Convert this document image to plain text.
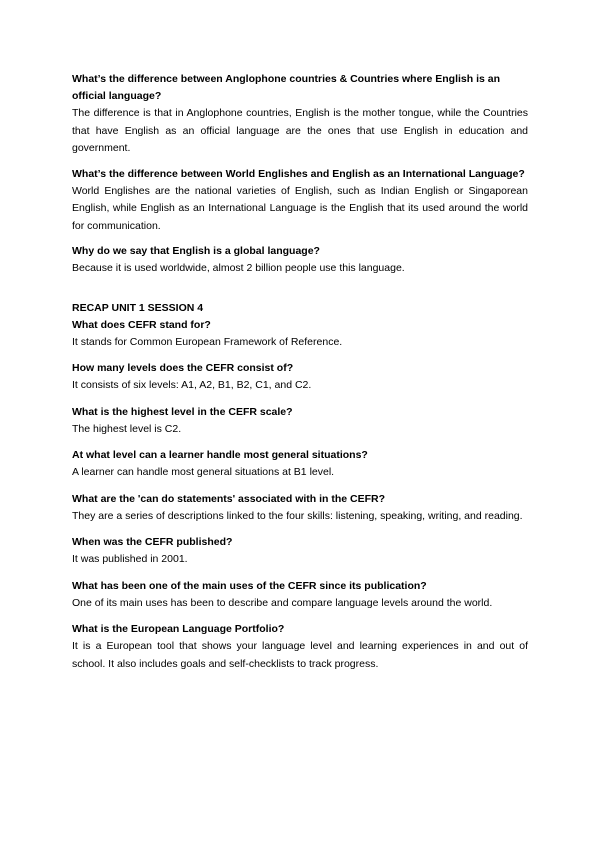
What’s the difference between Anglophone countries & Countries where English is an official language?

The difference is that in Anglophone countries, English is the mother tongue, while the Countries that have English as an official language are the ones that use English in education and government.

What’s the difference between World Englishes and English as an International Language?

World Englishes are the national varieties of English, such as Indian English or Singaporean English, while English as an International Language is the English that its used around the world for communication.

Why do we say that English is a global language?

Because it is used worldwide, almost 2 billion people use this language.

RECAP UNIT 1 SESSION 4

What does CEFR stand for?

It stands for Common European Framework of Reference.

How many levels does the CEFR consist of?

It consists of six levels: A1, A2, B1, B2, C1, and C2.

What is the highest level in the CEFR scale?

The highest level is C2.

At what level can a learner handle most general situations?

A learner can handle most general situations at B1 level.

What are the 'can do statements' associated with in the CEFR?

They are a series of descriptions linked to the four skills: listening, speaking, writing, and reading.

When was the CEFR published?

It was published in 2001.

What has been one of the main uses of the CEFR since its publication?

One of its main uses has been to describe and compare language levels around the world.

What is the European Language Portfolio?

It is a European tool that shows your language level and learning experiences in and out of school. It also includes goals and self-checklists to track progress.
